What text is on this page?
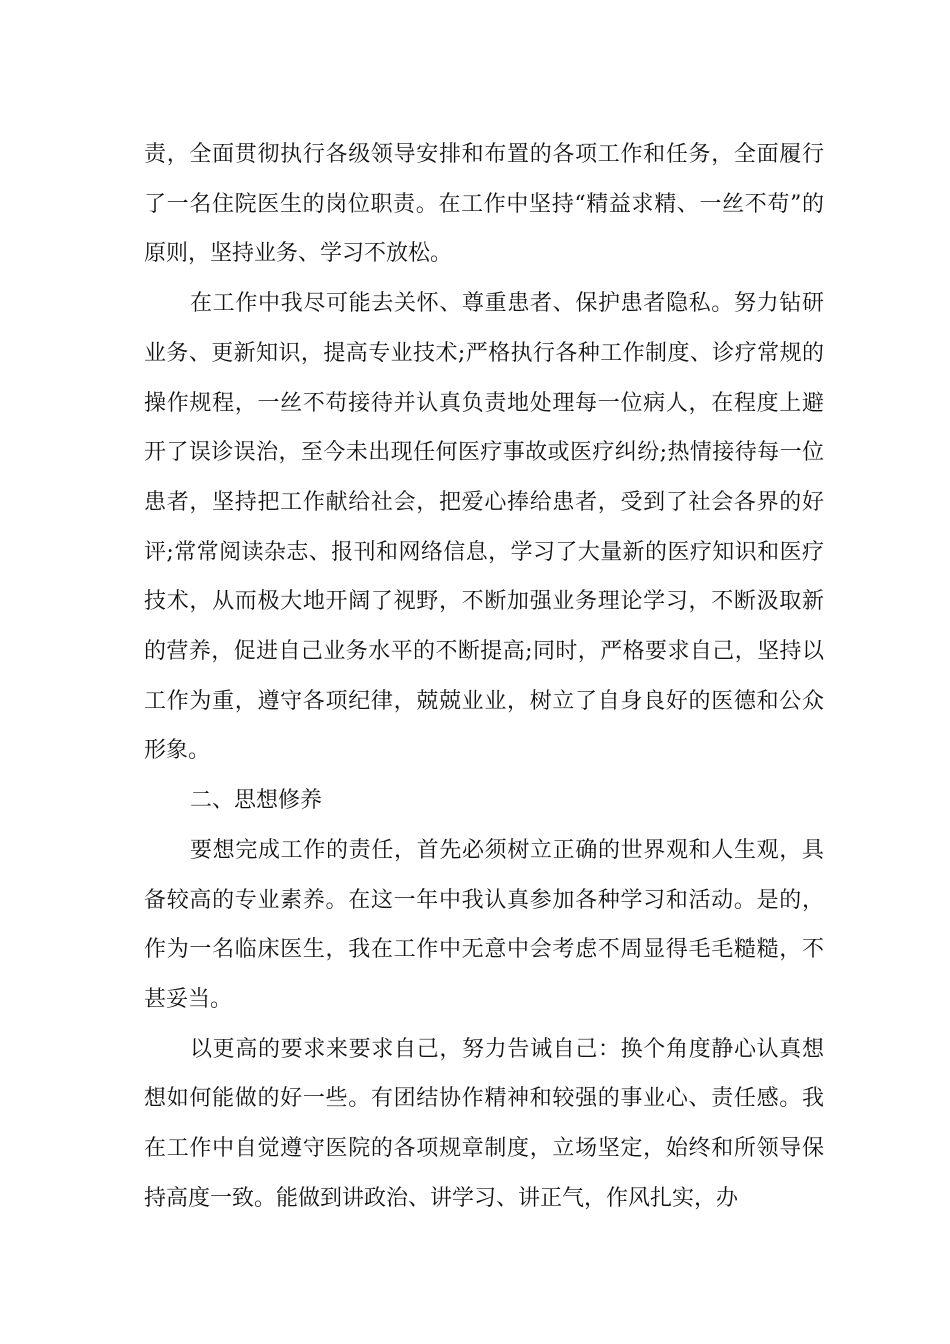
责，全面贯彻执行各级领导安排和布置的各项工作和任务，全面履行了一名住院医生的岗位职责。在工作中坚持“精益求精、一丝不苟”的原则，坚持业务、学习不放松。

在工作中我尽可能去关怀、尊重患者、保护患者隐私。努力钻研业务、更新知识，提高专业技术;严格执行各种工作制度、诊疗常规的操作规程，一丝不苟接待并认真负责地处理每一位病人，在程度上避开了误诊误治，至今未出现任何医疗事故或医疗纠纷;热情接待每一位患者，坚持把工作献给社会，把爱心捧给患者，受到了社会各界的好评;常常阅读杂志、报刊和网络信息，学习了大量新的医疗知识和医疗技术，从而极大地开阔了视野，不断加强业务理论学习，不断汲取新的营养，促进自己业务水平的不断提高;同时，严格要求自己，坚持以工作为重，遵守各项纪律，兢兢业业，树立了自身良好的医德和公众形象。

二、思想修养

要想完成工作的责任，首先必须树立正确的世界观和人生观，具备较高的专业素养。在这一年中我认真参加各种学习和活动。是的，作为一名临床医生，我在工作中无意中会考虑不周显得毛毛糙糙，不甚妥当。

以更高的要求来要求自己，努力告诫自己：换个角度静心认真想想如何能做的好一些。有团结协作精神和较强的事业心、责任感。我在工作中自觉遵守医院的各项规章制度，立场坚定，始终和所领导保持高度一致。能做到讲政治、讲学习、讲正气，作风扎实，办
